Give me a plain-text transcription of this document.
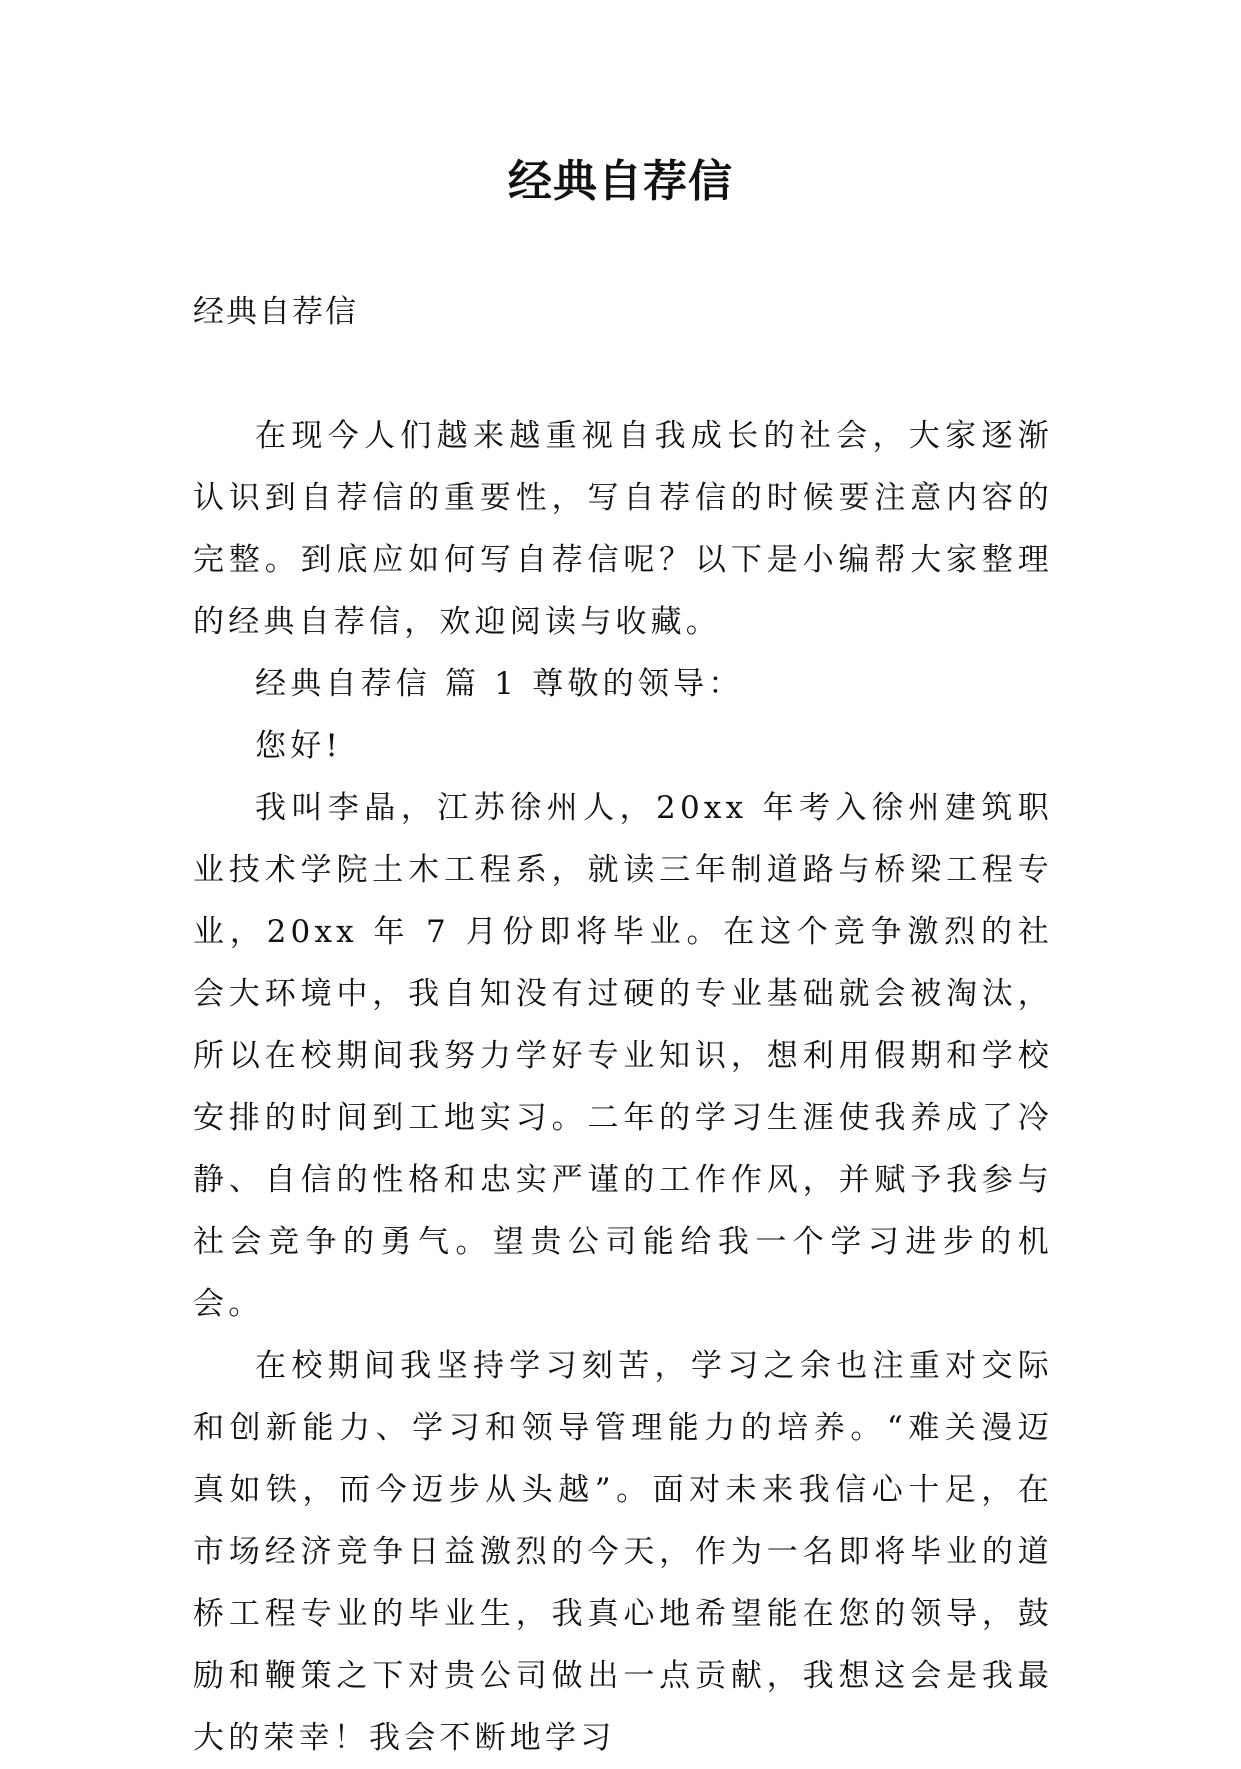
经典自荐信
经典自荐信

在现今人们越来越重视自我成长的社会，大家逐渐认识到自荐信的重要性，写自荐信的时候要注意内容的完整。到底应如何写自荐信呢？以下是小编帮大家整理的经典自荐信，欢迎阅读与收藏。

经典自荐信 篇 1 尊敬的领导：

您好!

我叫李晶，江苏徐州人，20xx 年考入徐州建筑职业技术学院土木工程系，就读三年制道路与桥梁工程专业，20xx 年 7 月份即将毕业。在这个竞争激烈的社会大环境中，我自知没有过硬的专业基础就会被淘汰，所以在校期间我努力学好专业知识，想利用假期和学校安排的时间到工地实习。二年的学习生涯使我养成了冷静、自信的性格和忠实严谨的工作作风，并赋予我参与社会竞争的勇气。望贵公司能给我一个学习进步的机会。

在校期间我坚持学习刻苦，学习之余也注重对交际和创新能力、学习和领导管理能力的培养。“难关漫迈真如铁，而今迈步从头越”。面对未来我信心十足，在市场经济竞争日益激烈的今天，作为一名即将毕业的道桥工程专业的毕业生，我真心地希望能在您的领导，鼓励和鞭策之下对贵公司做出一点贡献，我想这会是我最大的荣幸！我会不断地学习
